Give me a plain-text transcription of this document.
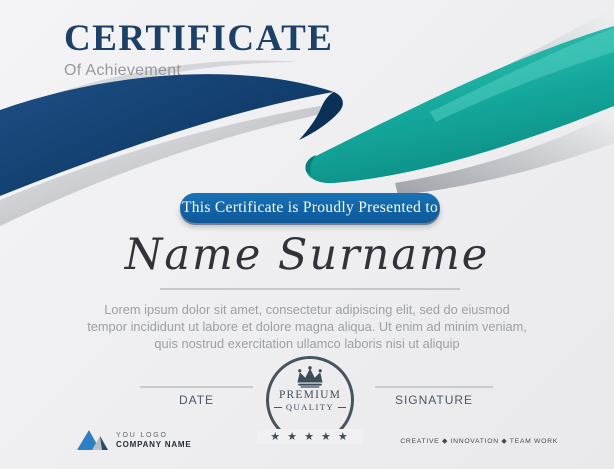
CERTIFICATE
Of Achievement
This Certificate is Proudly Presented to
Name Surname

Lorem ipsum dolor sit amet, consectetur adipiscing elit, sed do eiusmod tempor incididunt ut labore et dolore magna aliqua. Ut enim ad minim veniam, quis nostrud exercitation ullamco laboris nisi ut aliquip

DATE	SIGNATURE
PREMIUM
QUALITY
★ ★ ★ ★ ★
YOU LOGO
COMPANY NAME	CREATIVE ◆ INNOVATION ◆ TEAM WORK
